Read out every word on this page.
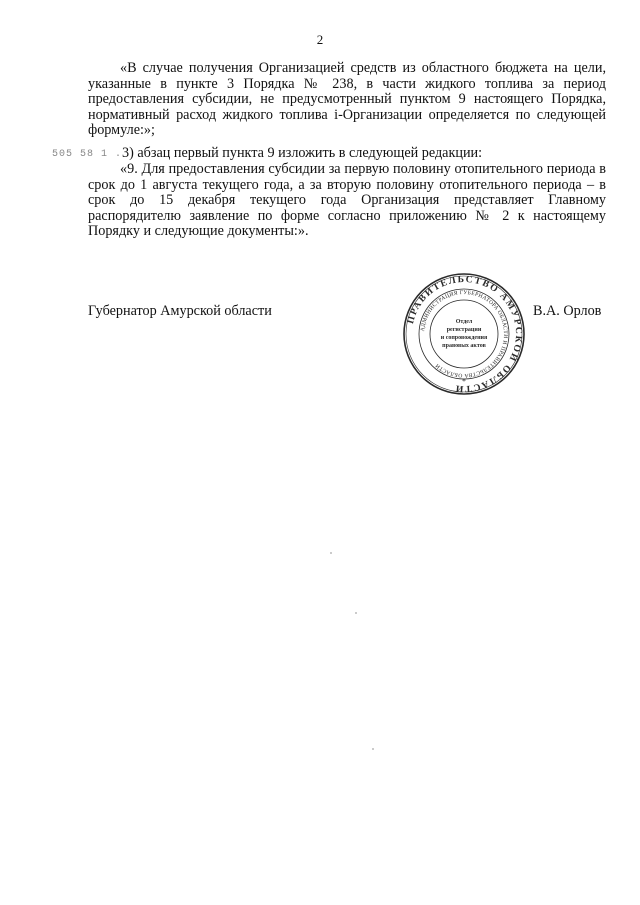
2
505 58 1 .
«В случае получения Организацией средств из областного бюджета на цели, указанные в пункте 3 Порядка № 238, в части жидкого топлива за период предоставления субсидии, не предусмотренный пунктом 9 настоящего Порядка, нормативный расход жидкого топлива i-Организации определяется по следующей формуле:»;
3) абзац первый пункта 9 изложить в следующей редакции:
«9. Для предоставления субсидии за первую половину отопительного периода в срок до 1 августа текущего года, а за вторую половину отопительного периода – в срок до 15 декабря текущего года Организация представляет Главному распорядителю заявление по форме согласно приложению № 2 к настоящему Порядку и следующие документы:».
Губернатор Амурской области
ПРАВИТЕЛЬСТВО АМУРСКОЙ ОБЛАСТИ
АДМИНИСТРАЦИЯ ГУБЕРНАТОРА ОБЛАСТИ И ПРАВИТЕЛЬСТВА ОБЛАСТИ
Отдел
регистрации
и сопровождения
правовых актов
*
В.А. Орлов
